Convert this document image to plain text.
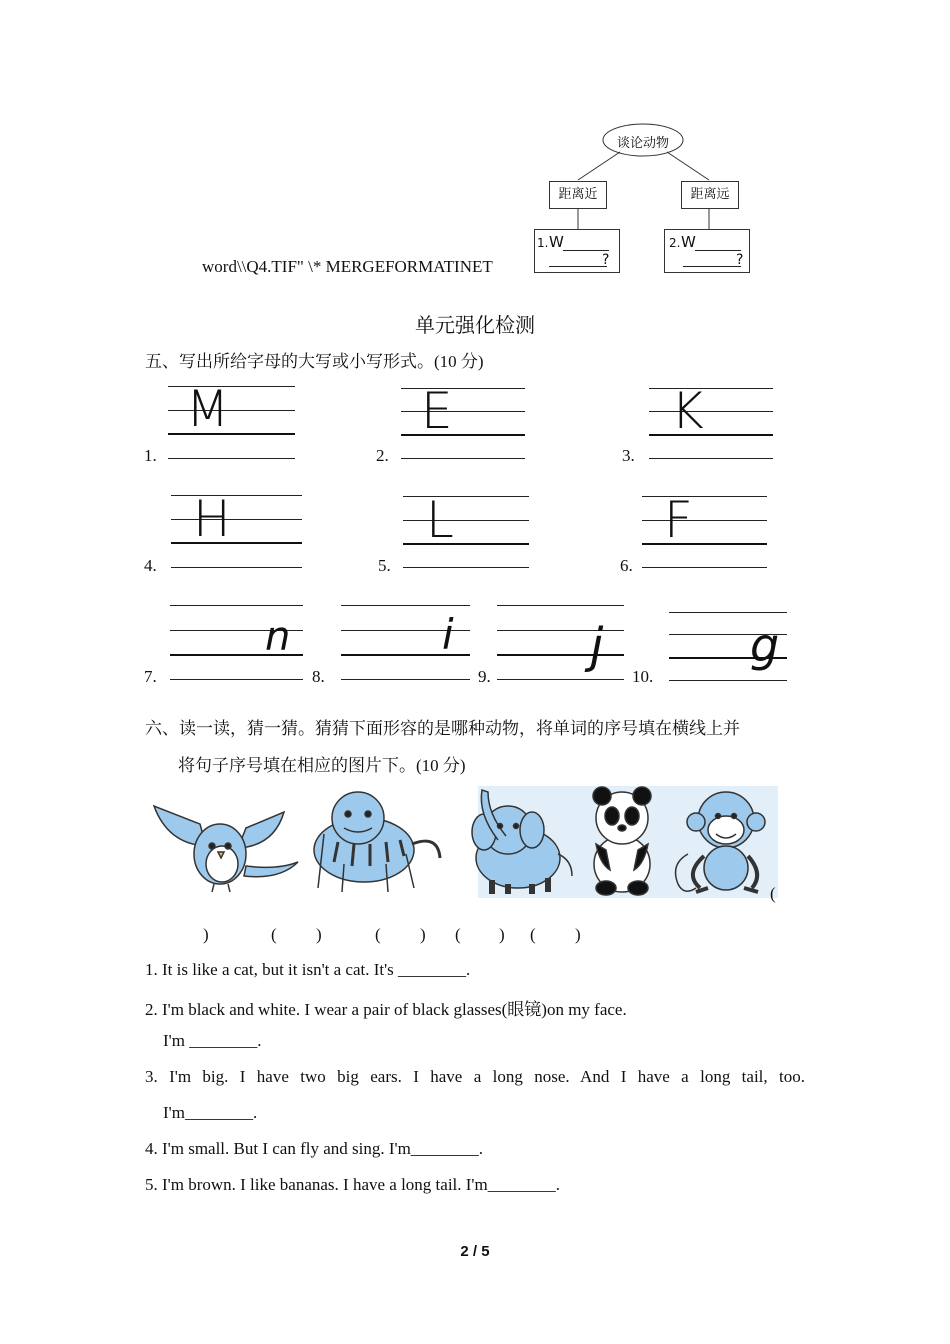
谈论动物
距离近	距离远
1. W
?
2. W
?
word\\Q4.TIF" \* MERGEFORMATINET
单元强化检测
五、写出所给字母的大写或小写形式。(10 分)
1.
M
2.
E
3.
K
4.
H
5.
L
6.
F
7.
n
8.
i
9.
j
10.
g
六、读一读，猜一猜。猜猜下面形容的是哪种动物，将单词的序号填在横线上并
将句子序号填在相应的图片下。(10 分)
(
)	( )	( ) ( ) ( )
1. It is like a cat, but it isn't a cat. It's ________.
2. I'm black and white. I wear a pair of black glasses(眼镜)on my face.
I'm ________.
3. I'm big. I have two big ears. I have a long nose. And I have a long tail, too.
I'm________.
4. I'm small. But I can fly and sing. I'm________.
5. I'm brown. I like bananas. I have a long tail. I'm________.
2 / 5
